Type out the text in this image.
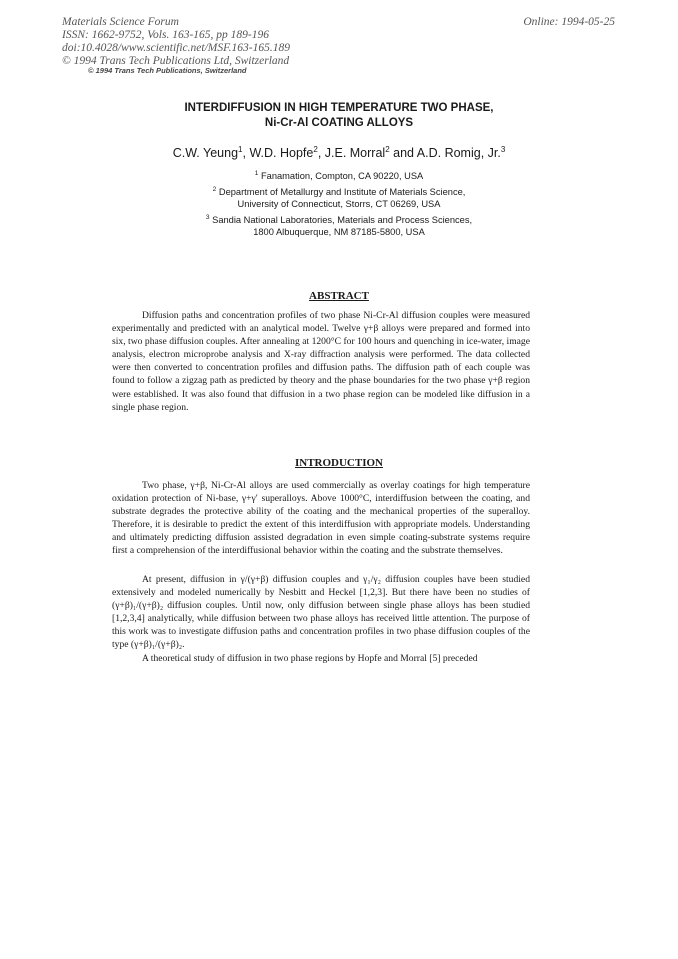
Materials Science Forum
ISSN: 1662-9752, Vols. 163-165, pp 189-196
doi:10.4028/www.scientific.net/MSF.163-165.189
© 1994 Trans Tech Publications Ltd, Switzerland
Online: 1994-05-25
© 1994 Trans Tech Publications, Switzerland
INTERDIFFUSION IN HIGH TEMPERATURE TWO PHASE,
Ni-Cr-Al COATING ALLOYS
C.W. Yeung$^1$, W.D. Hopfe$^2$, J.E. Morral$^2$ and A.D. Romig, Jr.$^3$
$^1$ Fanamation, Compton, CA 90220, USA
$^2$ Department of Metallurgy and Institute of Materials Science,
University of Connecticut, Storrs, CT 06269, USA
$^3$ Sandia National Laboratories, Materials and Process Sciences,
1800 Albuquerque, NM 87185-5800, USA
ABSTRACT

Diffusion paths and concentration profiles of two phase Ni-Cr-Al diffusion couples were measured experimentally and predicted with an analytical model. Twelve γ+β alloys were prepared and formed into six, two phase diffusion couples. After annealing at 1200°C for 100 hours and quenching in ice-water, image analysis, electron microprobe analysis and X-ray diffraction analysis were performed. The data collected were then converted to concentration profiles and diffusion paths. The diffusion path of each couple was found to follow a zigzag path as predicted by theory and the phase boundaries for the two phase γ+β region were established. It was also found that diffusion in a two phase region can be modeled like diffusion in a single phase region.

INTRODUCTION

Two phase, γ+β, Ni-Cr-Al alloys are used commercially as overlay coatings for high temperature oxidation protection of Ni-base, γ+γ′ superalloys. Above 1000°C, interdiffusion between the coating, and substrate degrades the protective ability of the coating and the mechanical properties of the superalloy. Therefore, it is desirable to predict the extent of this interdiffusion with appropriate models. Understanding and ultimately predicting diffusion assisted degradation in even simple coating-substrate systems require first a comprehension of the interdiffusional behavior within the coating and the substrate themselves.

At present, diffusion in γ/(γ+β) diffusion couples and γ₁/γ₂ diffusion couples have been studied extensively and modeled numerically by Nesbitt and Heckel [1,2,3]. But there have been no studies of (γ+β)₁/(γ+β)₂ diffusion couples. Until now, only diffusion between single phase alloys has been studied [1,2,3,4] analytically, while diffusion between two phase alloys has received little attention. The purpose of this work was to investigate diffusion paths and concentration profiles in two phase diffusion couples of the type (γ+β)₁/(γ+β)₂.

A theoretical study of diffusion in two phase regions by Hopfe and Morral [5] preceded
